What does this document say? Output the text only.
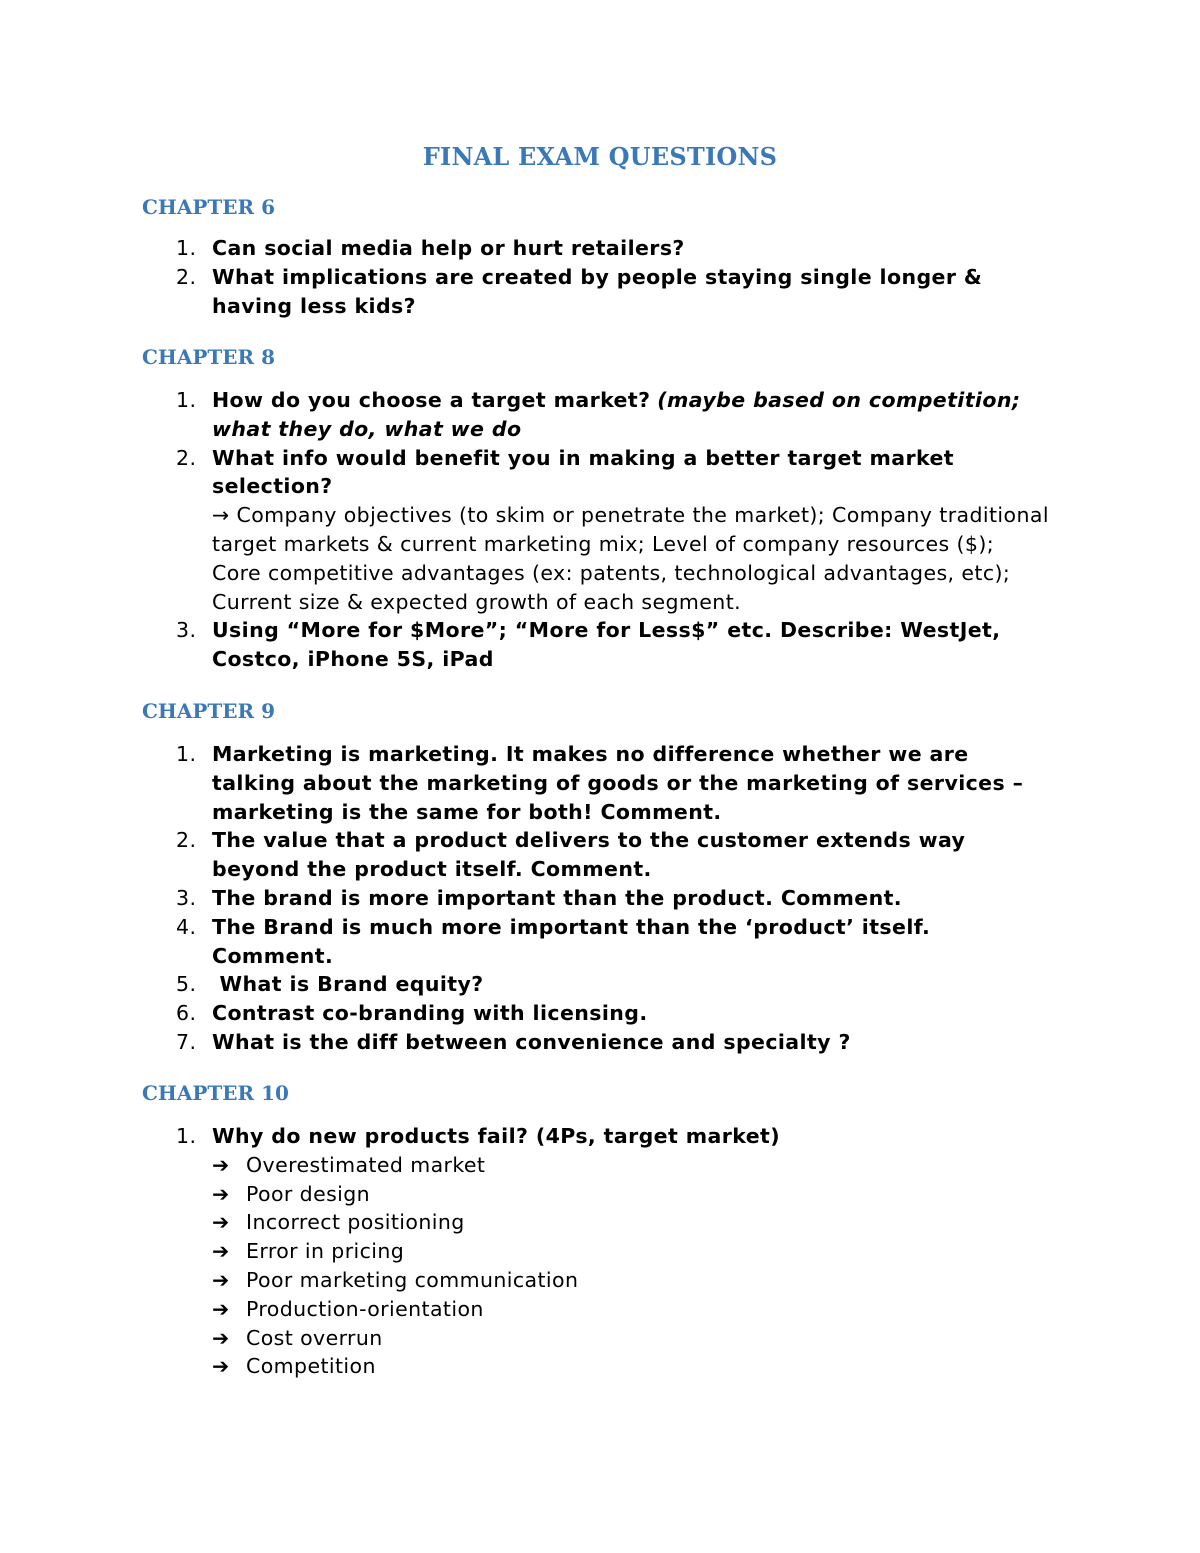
FINAL EXAM QUESTIONS
CHAPTER 6
1. Can social media help or hurt retailers?
2. What implications are created by people staying single longer & having less kids?
CHAPTER 8
1. How do you choose a target market? (maybe based on competition; what they do, what we do
2. What info would benefit you in making a better target market selection?
→ Company objectives (to skim or penetrate the market); Company traditional target markets & current marketing mix; Level of company resources ($); Core competitive advantages (ex: patents, technological advantages, etc); Current size & expected growth of each segment.
3. Using “More for $More”; “More for Less$” etc. Describe: WestJet, Costco, iPhone 5S, iPad
CHAPTER 9
1. Marketing is marketing. It makes no difference whether we are talking about the marketing of goods or the marketing of services – marketing is the same for both! Comment.
2. The value that a product delivers to the customer extends way beyond the product itself. Comment.
3. The brand is more important than the product. Comment.
4. The Brand is much more important than the ‘product’ itself. Comment.
5. What is Brand equity?
6. Contrast co-branding with licensing.
7. What is the diff between convenience and specialty ?
CHAPTER 10
1. Why do new products fail? (4Ps, target market)
➔ Overestimated market
➔ Poor design
➔ Incorrect positioning
➔ Error in pricing
➔ Poor marketing communication
➔ Production-orientation
➔ Cost overrun
➔ Competition
